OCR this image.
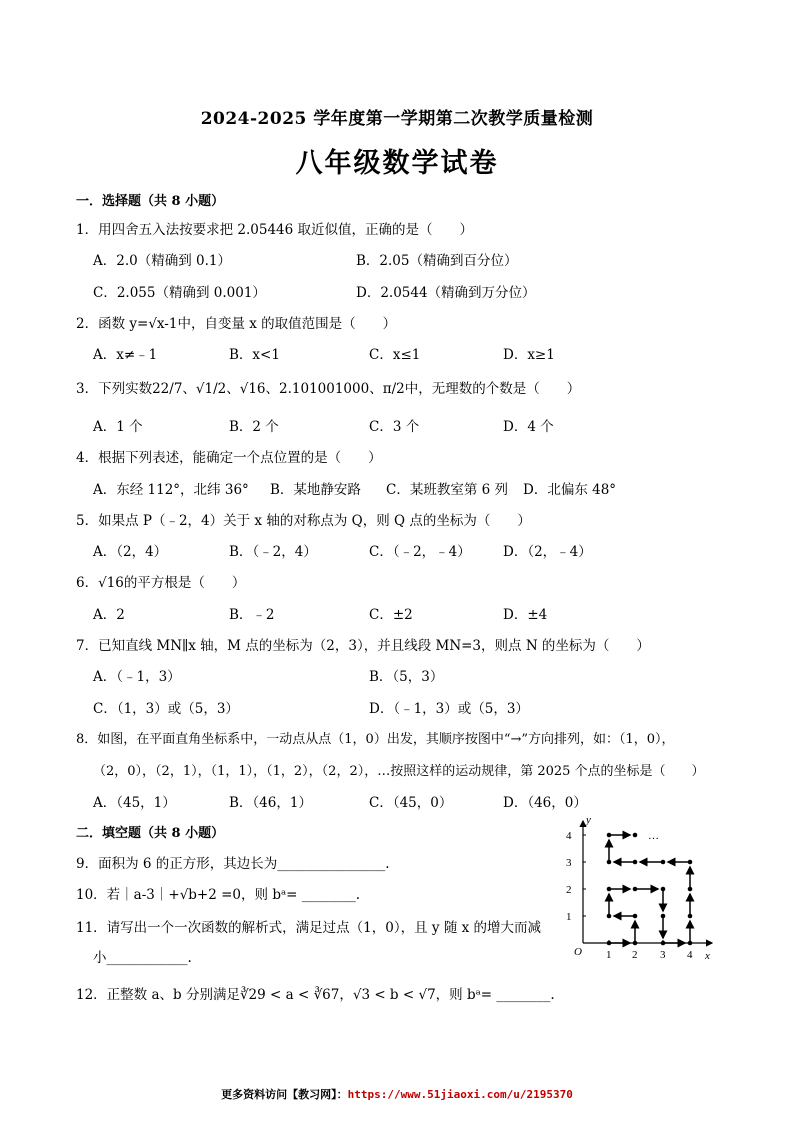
2024-2025 学年度第一学期第二次教学质量检测
八年级数学试卷
一．选择题（共 8 小题）
1．用四舍五入法按要求把 2.05446 取近似值，正确的是（　　）
A．2.0（精确到 0.1）	B．2.05（精确到百分位）
C．2.055（精确到 0.001）	D．2.0544（精确到万分位）
2．函数 y=√x-1中，自变量 x 的取值范围是（　　）
A．x≠﹣1	B．x<1	C．x≤1	D．x≥1
3．下列实数22/7、√1/2、√16、2.101001000、π/2中，无理数的个数是（　　）
A．1 个	B．2 个	C．3 个	D．4 个
4．根据下列表述，能确定一个点位置的是（　　）
A．东经 112°，北纬 36° B．某地静安路 C．某班教室第 6 列 D．北偏东 48°
5．如果点 P（﹣2，4）关于 x 轴的对称点为 Q，则 Q 点的坐标为（　　）
A．（2，4）	B．（﹣2，4）	C．（﹣2，﹣4） D．（2，﹣4）
6．√16的平方根是（　　）
A．2	B．﹣2	C．±2	D．±4
7．已知直线 MN∥x 轴，M 点的坐标为（2，3），并且线段 MN=3，则点 N 的坐标为（　　）
A．（﹣1，3）	B．（5，3）
C．（1，3）或（5，3）	D．（﹣1，3）或（5，3）
8．如图，在平面直角坐标系中，一动点从点（1，0）出发，其顺序按图中“→”方向排列，如：（1，0），
（2，0），（2，1），（1，1），（1，2），（2，2），…按照这样的运动规律，第 2025 个点的坐标是（　　）
A．（45，1）	B．（46，1）	C．（45，0）	D．（46，0）
二．填空题（共 8 小题）
9．面积为 6 的正方形，其边长为________________.
10．若｜a-3｜+√b+2 =0，则 bᵃ= ________.
11．请写出一个一次函数的解析式，满足过点（1，0），且 y 随 x 的增大而减
小____________.
12．正整数 a、b 分别满足∛29 < a < ∛67，√3 < b < √7，则 bᵃ= ________.
…
O	x
y
1 2 3 4
1
2
3
4
更多资料访问【教习网】：https://www.51jiaoxi.com/u/2195370
